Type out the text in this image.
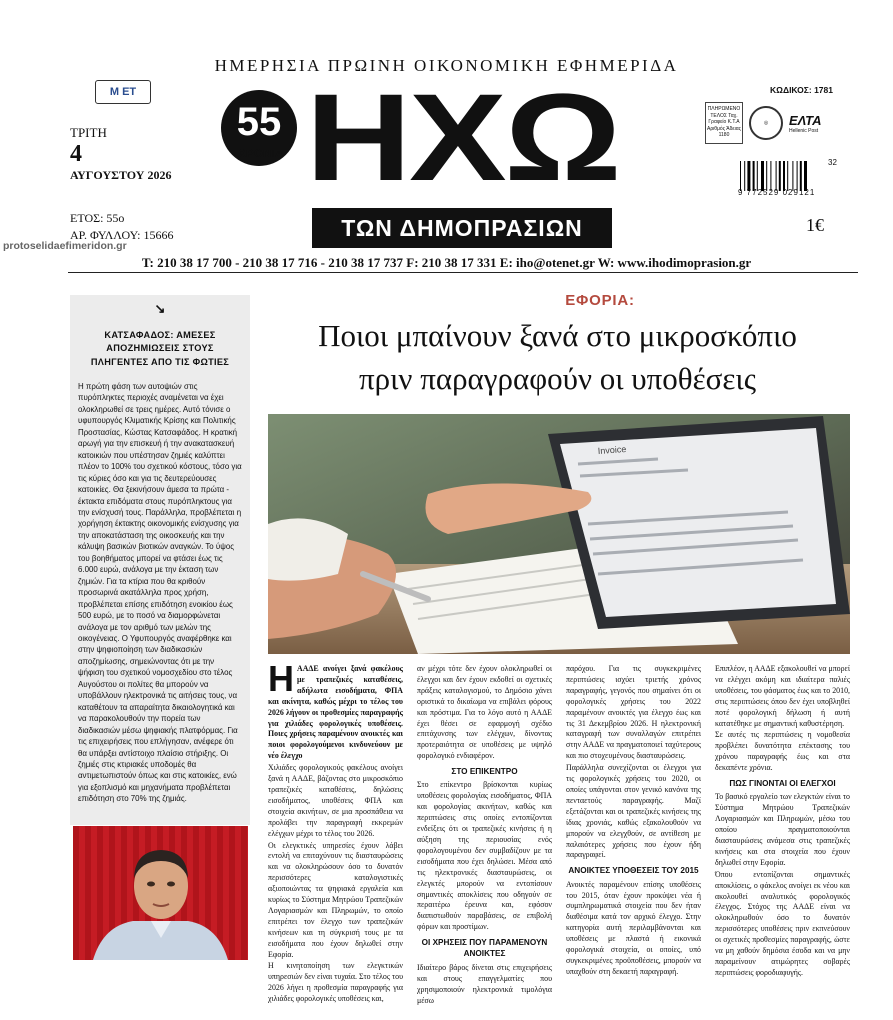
ΗΜΕΡΗΣΙΑ ΠΡΩΙΝΗ ΟΙΚΟΝΟΜΙΚΗ ΕΦΗΜΕΡΙΔΑ
M ET
ΤΡΙΤΗ
4
ΑΥΓΟΥΣΤΟΥ 2026
ΕΤΟΣ: 55ο
ΑΡ. ΦΥΛΛΟΥ: 15666
protoselidaefimeridon.gr
55
ΧΡΟΝΙΑ ΗΧΩ
ΤΩΝ ΔΗΜΟΠΡΑΣΙΩΝ
ΚΩΔΙΚΟΣ: 1781
ΠΛΗΡΩΜΕΝΟ ΤΕΛΟΣ Ταχ. Γραφείο Κ.Τ.Α Αριθμός Άδειας 1180
◎	ΕΛΤΑ
Hellenic Post
9 772529 029121
32
1€
Τ: 210 38 17 700 - 210 38 17 716 - 210 38 17 737 F: 210 38 17 331 E: iho@otenet.gr W: www.ihodimoprasion.gr
↘
ΚΑΤΣΑΦΑΔΟΣ: ΑΜΕΣΕΣ ΑΠΟΖΗΜΙΩΣΕΙΣ ΣΤΟΥΣ ΠΛΗΓΕΝΤΕΣ ΑΠΟ ΤΙΣ ΦΩΤΙΕΣ
Η πρώτη φάση των αυτοψιών στις πυρόπληκτες περιοχές αναμένεται να έχει ολοκληρωθεί σε τρεις ημέρες. Αυτό τόνισε ο υφυπουργός Κλιματικής Κρίσης και Πολιτικής Προστασίας, Κώστας Κατσαφάδος. Η κρατική αρωγή για την επισκευή ή την ανακατασκευή κατοικιών που υπέστησαν ζημιές καλύπτει πλέον το 100% του σχετικού κόστους, τόσο για τις κύριες όσο και για τις δευτερεύουσες κατοικίες. Θα ξεκινήσουν άμεσα τα πρώτα - έκτακτα επιδόματα στους πυρόπληκτους για την ενίσχυσή τους. Παράλληλα, προβλέπεται η χορήγηση έκτακτης οικονομικής ενίσχυσης για την αποκατάσταση της οικοσκευής και την κάλυψη βασικών βιοτικών αναγκών. Το ύψος του βοηθήματος μπορεί να φτάσει έως τις 6.000 ευρώ, ανάλογα με την έκταση των ζημιών. Για τα κτίρια που θα κριθούν προσωρινά ακατάλληλα προς χρήση, προβλέπεται επίσης επιδότηση ενοικίου έως 500 ευρώ, με το ποσό να διαμορφώνεται ανάλογα με τον αριθμό των μελών της οικογένειας. Ο Υφυπουργός αναφέρθηκε και στην ψηφιοποίηση των διαδικασιών αποζημίωσης, σημειώνοντας ότι με την ψήφιση του σχετικού νομοσχεδίου στο τέλος Αυγούστου οι πολίτες θα μπορούν να υποβάλλουν ηλεκτρονικά τις αιτήσεις τους, να καταθέτουν τα απαραίτητα δικαιολογητικά και να παρακολουθούν την πορεία των διαδικασιών μέσω ψηφιακής πλατφόρμας. Για τις επιχειρήσεις που επλήγησαν, ανέφερε ότι θα υπάρξει αντίστοιχο πλαίσιο στήριξης. Οι ζημιές στις κτιριακές υποδομές θα αντιμετωπιστούν όπως και στις κατοικίες, ενώ για εξοπλισμό και μηχανήματα προβλέπεται επιδότηση στο 70% της ζημιάς.
ΕΦΟΡΙΑ:
Ποιοι μπαίνουν ξανά στο μικροσκόπιο
πριν παραγραφούν οι υποθέσεις
Invoice

ΗΑΑΔΕ ανοίγει ξανά φακέλους με τραπεζικές καταθέσεις, αδήλωτα εισοδήματα, ΦΠΑ και ακίνητα, καθώς μέχρι το τέλος του 2026 λήγουν οι προθεσμίες παραγραφής για χιλιάδες φορολογικές υποθέσεις. Ποιες χρήσεις παραμένουν ανοικτές και ποιοι φορολογούμενοι κινδυνεύουν με νέο έλεγχο

Χιλιάδες φορολογικούς φακέλους ανοίγει ξανά η ΑΑΔΕ, βάζοντας στο μικροσκόπιο τραπεζικές καταθέσεις, δηλώσεις εισοδήματος, υποθέσεις ΦΠΑ και στοιχεία ακινήτων, σε μια προσπάθεια να προλάβει την παραγραφή εκκρεμών ελέγχων μέχρι το τέλος του 2026.

Οι ελεγκτικές υπηρεσίες έχουν λάβει εντολή να επιταχύνουν τις διασταυρώσεις και να ολοκληρώσουν όσο το δυνατόν περισσότερες καταλογιστικές αξιοποιώντας τα ψηφιακά εργαλεία και κυρίως το Σύστημα Μητρώου Τραπεζικών Λογαριασμών και Πληρωμών, το οποίο επιτρέπει τον έλεγχο των τραπεζικών κινήσεων και τη σύγκρισή τους με τα εισοδήματα που έχουν δηλωθεί στην Εφορία.

Η κινητοποίηση των ελεγκτικών υπηρεσιών δεν είναι τυχαία. Στο τέλος του 2026 λήγει η προθεσμία παραγραφής για χιλιάδες φορολογικές υποθέσεις και,

αν μέχρι τότε δεν έχουν ολοκληρωθεί οι έλεγχοι και δεν έχουν εκδοθεί οι σχετικές πράξεις καταλογισμού, το Δημόσιο χάνει οριστικά το δικαίωμα να επιβάλει φόρους και πρόστιμα. Για το λόγο αυτό η ΑΑΔΕ έχει θέσει σε εφαρμογή σχέδιο επιτάχυνσης των ελέγχων, δίνοντας προτεραιότητα σε υποθέσεις με υψηλό φορολογικό ενδιαφέρον.

ΣΤΟ ΕΠΙΚΕΝΤΡΟ

Στο επίκεντρο βρίσκονται κυρίως υποθέσεις φορολογίας εισοδήματος, ΦΠΑ και φορολογίας ακινήτων, καθώς και περιπτώσεις στις οποίες εντοπίζονται ενδείξεις ότι οι τραπεζικές κινήσεις ή η αύξηση της περιουσίας ενός φορολογουμένου δεν συμβαδίζουν με τα εισοδήματα που έχει δηλώσει. Μέσα από τις ηλεκτρονικές διασταυρώσεις, οι ελεγκτές μπορούν να εντοπίσουν σημαντικές αποκλίσεις που οδηγούν σε περαιτέρω έρευνα και, εφόσον διαπιστωθούν παραβάσεις, σε επιβολή φόρων και προστίμων.

ΟΙ ΧΡΗΣΕΙΣ ΠΟΥ ΠΑΡΑΜΕΝΟΥΝ ΑΝΟΙΚΤΕΣ

Ιδιαίτερο βάρος δίνεται στις επιχειρήσεις και στους επαγγελματίες που χρησιμοποιούν ηλεκτρονικά τιμολόγια μέσω

παρόχου. Για τις συγκεκριμένες περιπτώσεις ισχύει τριετής χρόνος παραγραφής, γεγονός που σημαίνει ότι οι φορολογικές χρήσεις του 2022 παραμένουν ανοικτές για έλεγχο έως και τις 31 Δεκεμβρίου 2026. Η ηλεκτρονική καταγραφή των συναλλαγών επιτρέπει στην ΑΑΔΕ να πραγματοποιεί ταχύτερους και πιο στοχευμένους διασταυρώσεις.

Παράλληλα συνεχίζονται οι έλεγχοι για τις φορολογικές χρήσεις του 2020, οι οποίες υπάγονται στον γενικό κανόνα της πενταετούς παραγραφής. Μαζί εξετάζονται και οι τραπεζικές κινήσεις της ίδιας χρονιάς, καθώς εξακολουθούν να μπορούν να ελεγχθούν, σε αντίθεση με παλαιότερες χρήσεις που έχουν ήδη παραγραφεί.

ΑΝΟΙΚΤΕΣ ΥΠΟΘΕΣΕΙΣ ΤΟΥ 2015

Ανοικτές παραμένουν επίσης υποθέσεις του 2015, όταν έχουν προκύψει νέα ή συμπληρωματικά στοιχεία που δεν ήταν διαθέσιμα κατά τον αρχικό έλεγχο. Στην κατηγορία αυτή περιλαμβάνονται και υποθέσεις με πλαστά ή εικονικά φορολογικά στοιχεία, οι οποίες, υπό συγκεκριμένες προϋποθέσεις, μπορούν να υπαχθούν στη δεκαετή παραγραφή.

Επιπλέον, η ΑΑΔΕ εξακολουθεί να μπορεί να ελέγχει ακόμη και ιδιαίτερα παλιές υποθέσεις, του φάσματος έως και το 2010, στις περιπτώσεις όπου δεν έχει υποβληθεί ποτέ φορολογική δήλωση ή αυτή κατατέθηκε με σημαντική καθυστέρηση.

Σε αυτές τις περιπτώσεις η νομοθεσία προβλέπει δυνατότητα επέκτασης του χρόνου παραγραφής έως και στα δεκαπέντε χρόνια.

ΠΩΣ ΓΙΝΟΝΤΑΙ ΟΙ ΕΛΕΓΧΟΙ

Το βασικό εργαλείο των ελεγκτών είναι το Σύστημα Μητρώου Τραπεζικών Λογαριασμών και Πληρωμών, μέσω του οποίου πραγματοποιούνται διασταυρώσεις ανάμεσα στις τραπεζικές κινήσεις και στα στοιχεία που έχουν δηλωθεί στην Εφορία.

Όπου εντοπίζονται σημαντικές αποκλίσεις, ο φάκελος ανοίγει εκ νέου και ακολουθεί αναλυτικός φορολογικός έλεγχος. Στόχος της ΑΑΔΕ είναι να ολοκληρωθούν όσο το δυνατόν περισσότερες υποθέσεις πριν εκπνεύσουν οι σχετικές προθεσμίες παραγραφής, ώστε να μη χαθούν δημόσια έσοδα και να μην παραμείνουν ατιμώρητες σοβαρές περιπτώσεις φοροδιαφυγής.
